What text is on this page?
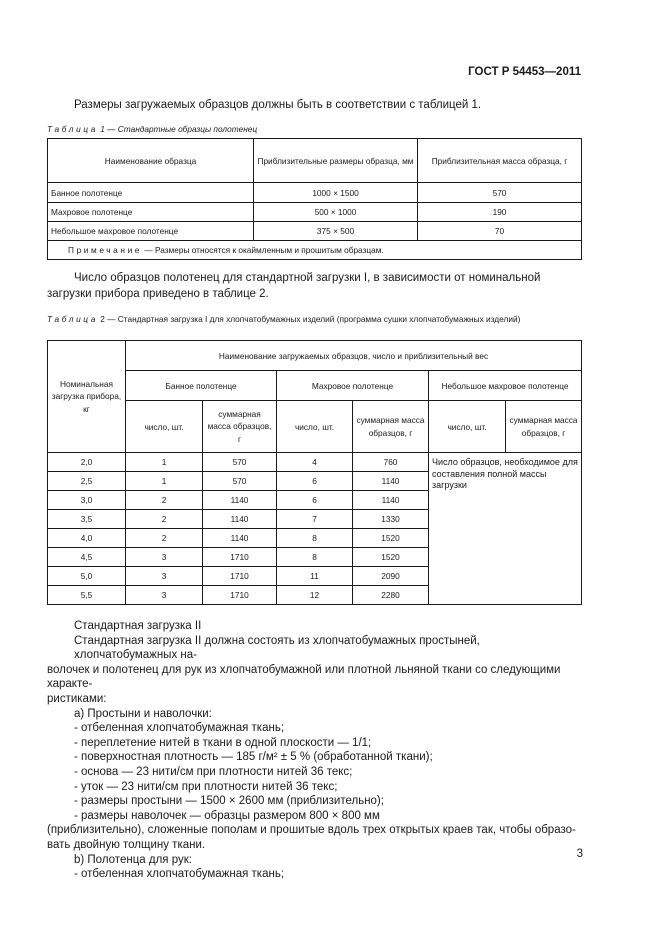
ГОСТ Р 54453—2011
Размеры загружаемых образцов должны быть в соответствии с таблицей 1.
Таблица 1 — Стандартные образцы полотенец
Наименование образца	Приблизительные размеры образца, мм	Приблизительная масса образца, г
Банное полотенце	1000 × 1500	570
Махровое полотенце	500 × 1000	190
Небольшое махровое полотенце	375 × 500	70
Примечание — Размеры относятся к окаймленным и прошитым образцам.		
Число образцов полотенец для стандартной загрузки I, в зависимости от номинальной загрузки прибора приведено в таблице 2.
Таблица 2 — Стандартная загрузка I для хлопчатобумажных изделий (программа сушки хлопчатобумажных изделий)
Номинальная загрузка прибора, кг	Наименование загружаемых образцов, число и приблизительный вес					
	Банное полотенце		Махровое полотенце		Небольшое махровое полотенце	
	число, шт.	суммарная масса образцов, г	число, шт.	суммарная масса образцов, г	число, шт.	суммарная масса образцов, г
2,0	1	570	4	760	Число образцов, необходимое для составления полной массы загрузки	
2,5	1	570	6	1140		
3,0	2	1140	6	1140		
3,5	2	1140	7	1330		
4,0	2	1140	8	1520		
4,5	3	1710	8	1520		
5,0	3	1710	11	2090		
5,5	3	1710	12	2280		
Стандартная загрузка II
Стандартная загрузка II должна состоять из хлопчатобумажных простыней, хлопчатобумажных на-
волочек и полотенец для рук из хлопчатобумажной или плотной льняной ткани со следующими характе-
ристиками:
а) Простыни и наволочки:
- отбеленная хлопчатобумажная ткань;
- переплетение нитей в ткани в одной плоскости — 1/1;
- поверхностная плотность — 185 г/м² ± 5 % (обработанной ткани);
- основа — 23 нити/см при плотности нитей 36 текс;
- уток — 23 нити/см при плотности нитей 36 текс;
- размеры простыни — 1500 × 2600 мм (приблизительно);
- размеры наволочек — образцы размером 800 × 800 мм
(приблизительно), сложенные пополам и прошитые вдоль трех открытых краев так, чтобы образо-
вать двойную толщину ткани.
b) Полотенца для рук:
- отбеленная хлопчатобумажная ткань;
3
